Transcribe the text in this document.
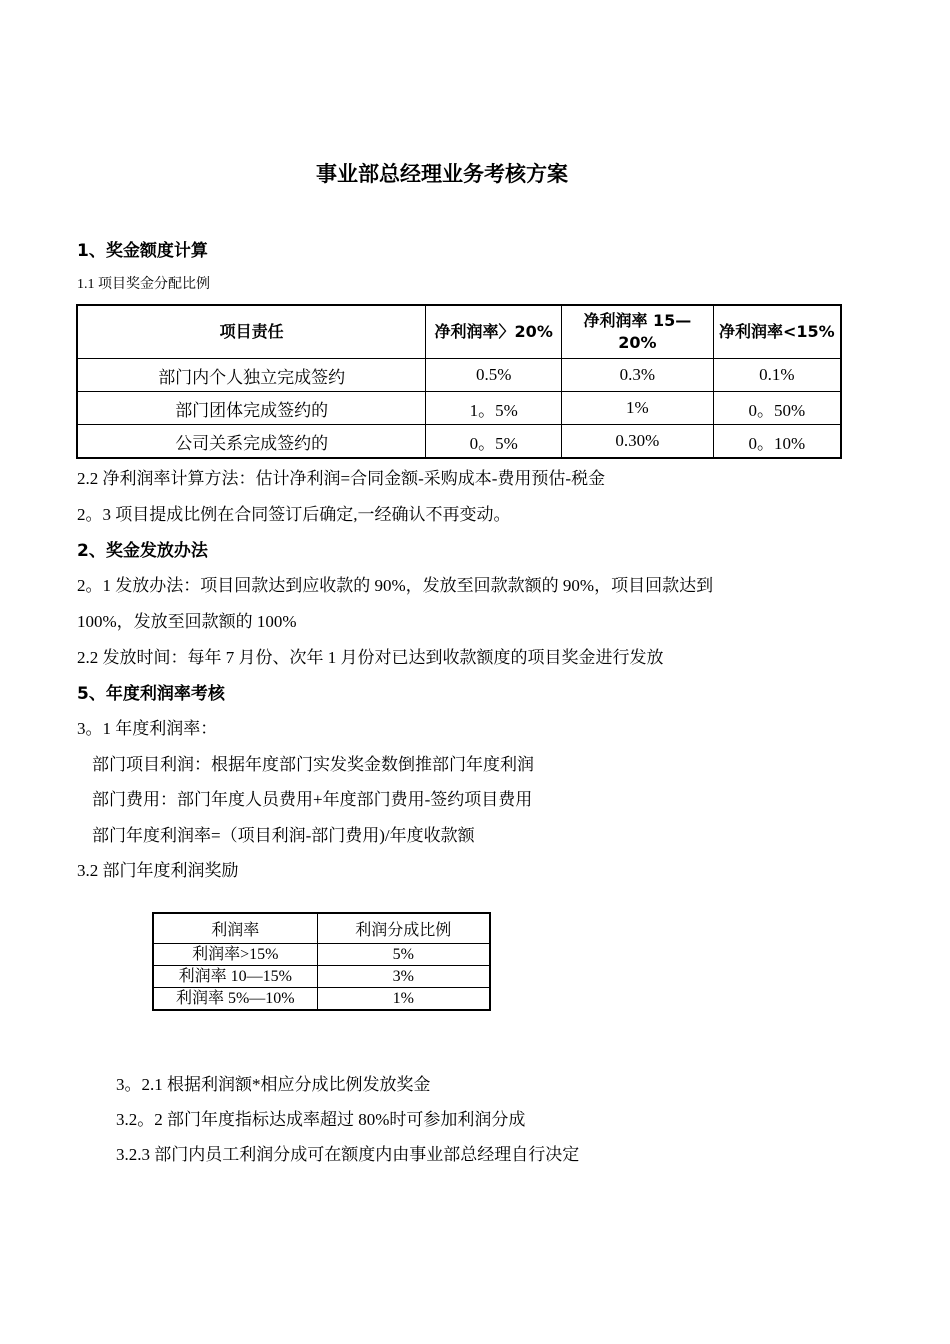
事业部总经理业务考核方案
1、奖金额度计算
1.1 项目奖金分配比例
项目责任	净利润率〉20%	净利润率 15—20%	净利润率<15%
部门内个人独立完成签约	0.5%	0.3%	0.1%
部门团体完成签约的	1。5%	1%	0。50%
公司关系完成签约的	0。5%	0.30%	0。10%
2.2 净利润率计算方法：估计净利润=合同金额-采购成本-费用预估-税金
2。3 项目提成比例在合同签订后确定,一经确认不再变动。
2、奖金发放办法
2。1 发放办法：项目回款达到应收款的 90%，发放至回款款额的 90%，项目回款达到
100%，发放至回款额的 100%
2.2 发放时间：每年 7 月份、次年 1 月份对已达到收款额度的项目奖金进行发放
5、年度利润率考核
3。1 年度利润率：
部门项目利润：根据年度部门实发奖金数倒推部门年度利润
部门费用：部门年度人员费用+年度部门费用-签约项目费用
部门年度利润率=（项目利润-部门费用)/年度收款额
3.2 部门年度利润奖励
利润率	利润分成比例
利润率>15%	5%
利润率 10—15%	3%
利润率 5%—10%	1%
3。2.1 根据利润额*相应分成比例发放奖金
3.2。2 部门年度指标达成率超过 80%时可参加利润分成
3.2.3 部门内员工利润分成可在额度内由事业部总经理自行决定
